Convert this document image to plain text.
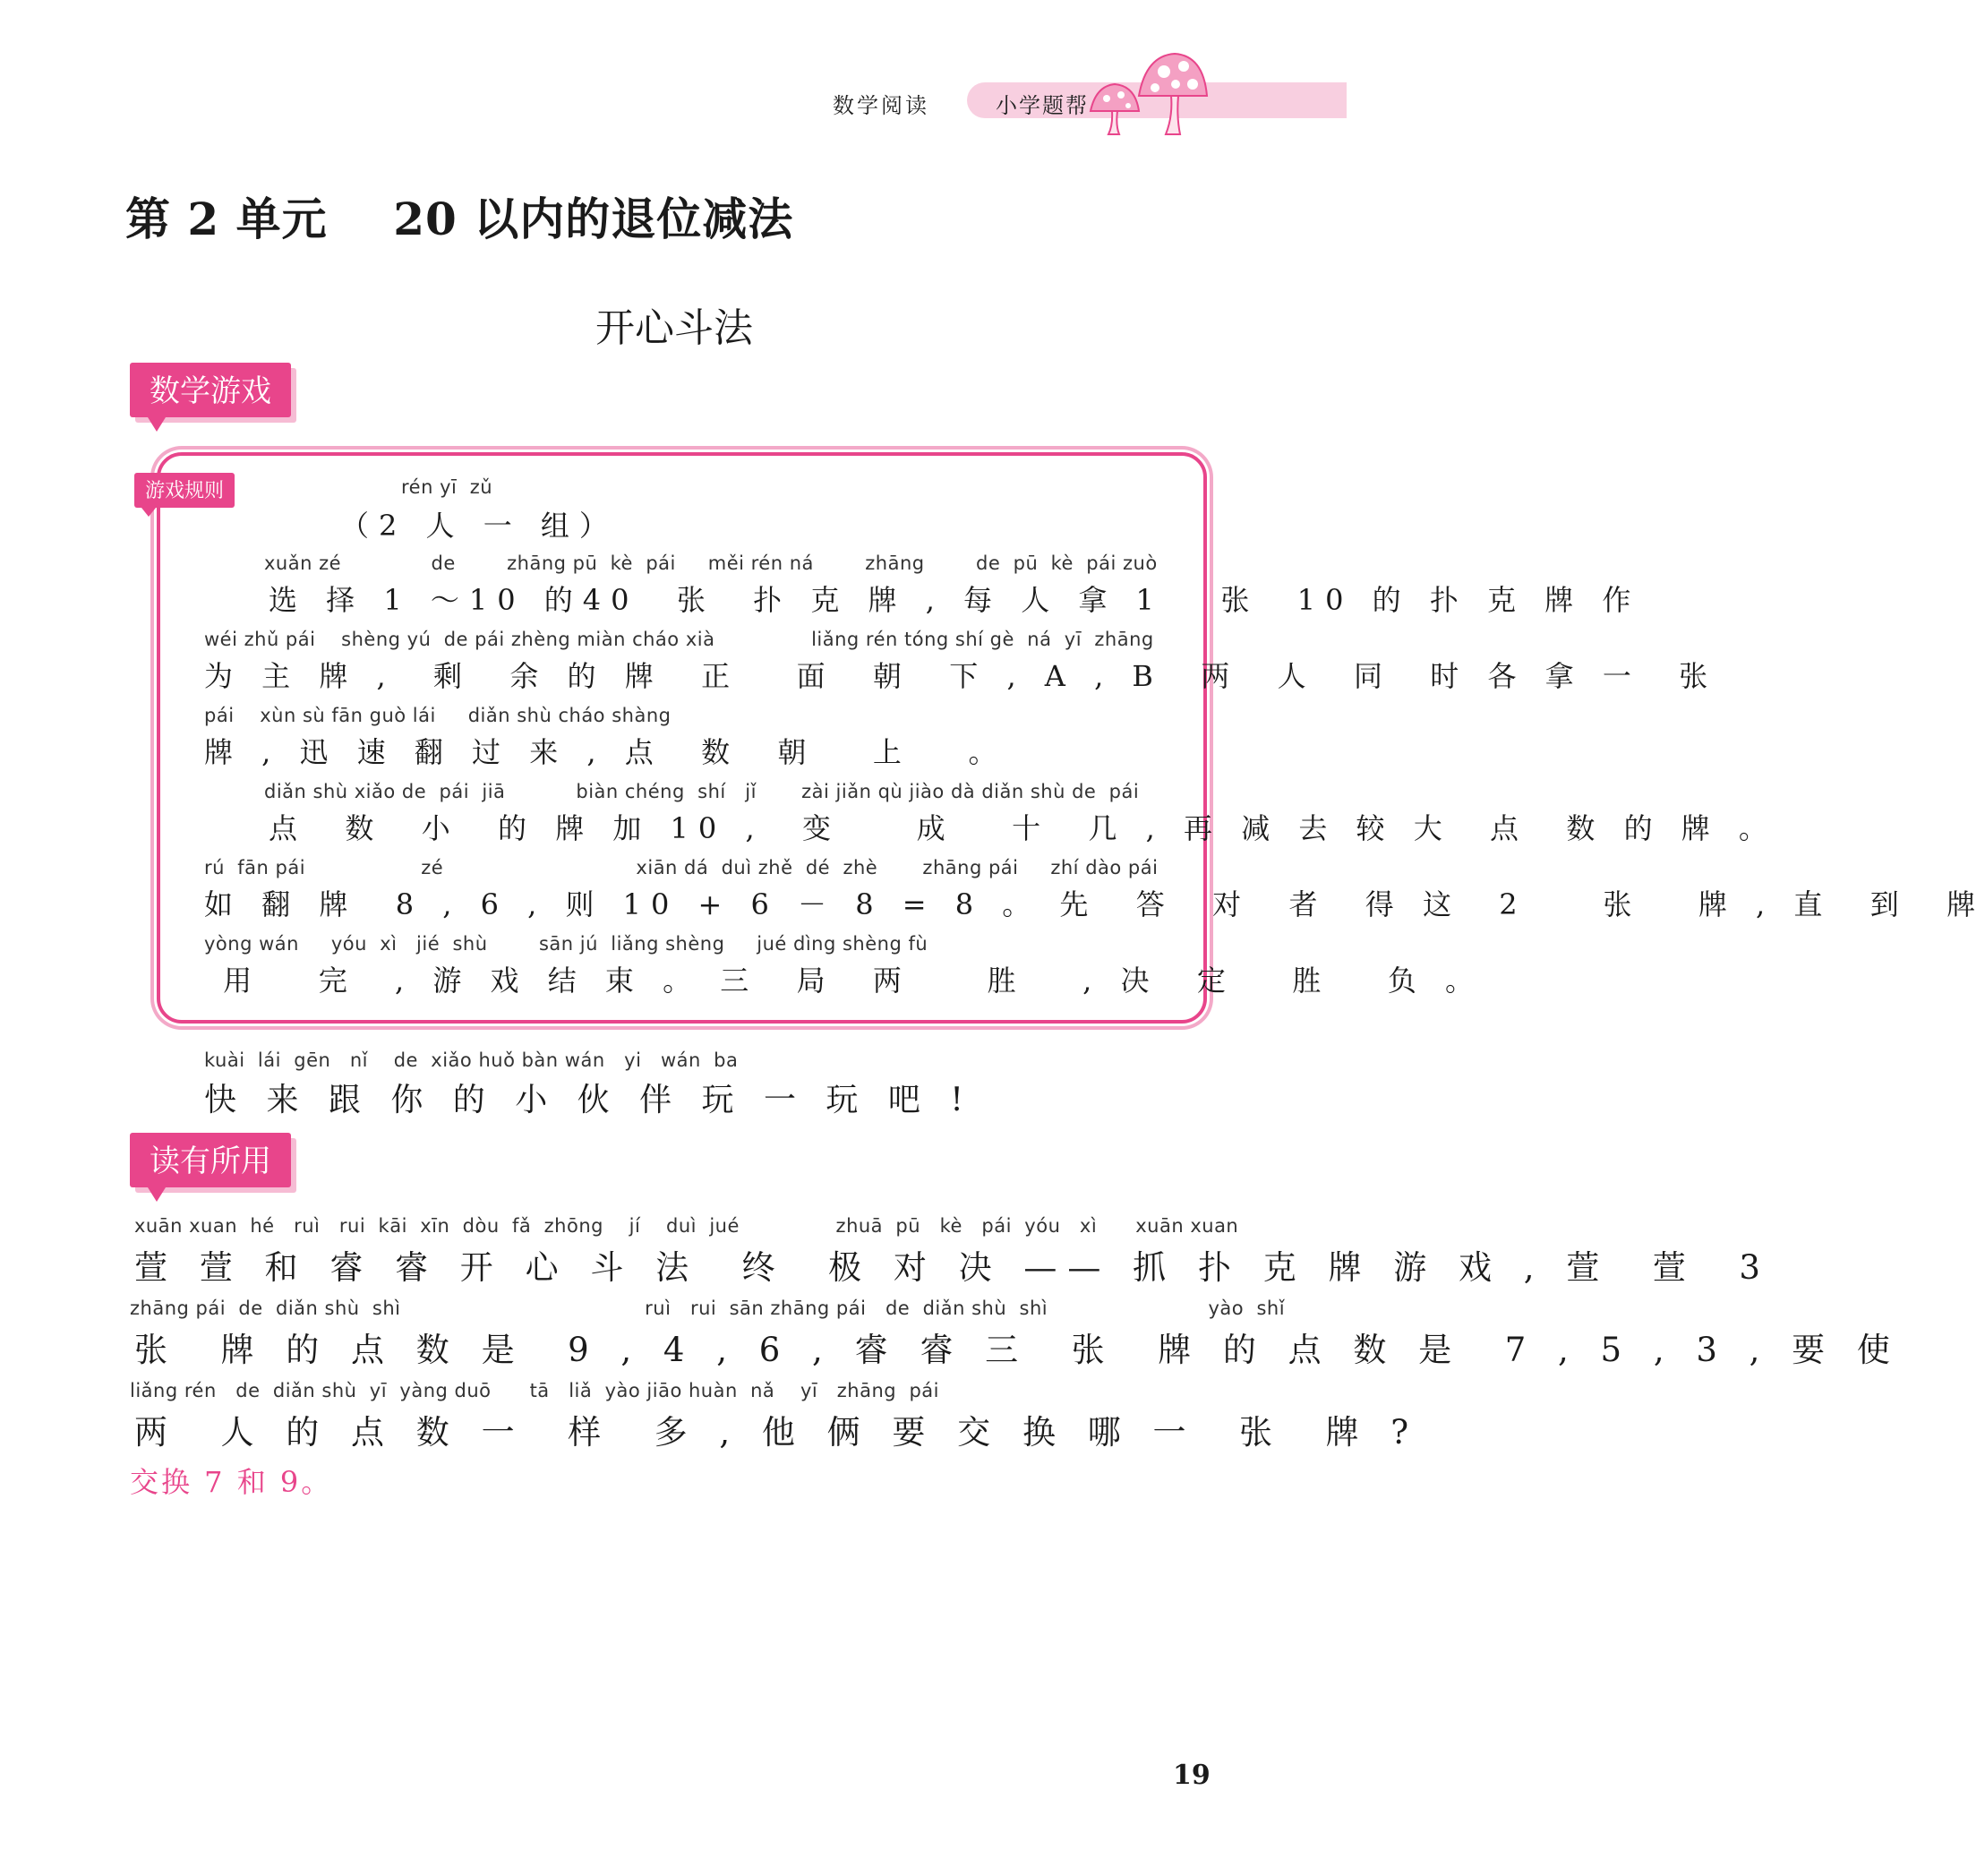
数学阅读	小学题帮
第 2 单元    20 以内的退位减法
开心斗法
数学游戏
游戏规则	rén yī  zǔ
（2 人 一 组）
xuǎn zé              de        zhāng pū  kè  pái     měi rén ná        zhāng        de  pū  kè  pái zuò
选 择 1 ～10 的40  张  扑 克 牌 , 每 人 拿 1   张  10 的 扑 克 牌 作
wéi zhǔ pái    shèng yú  de pái zhèng miàn cháo xià               liǎng rén tóng shí gè  ná  yī  zhāng
为 主 牌 ,  剩  余 的 牌  正   面  朝  下 , A , B  两  人  同  时 各 拿 一  张
pái    xùn sù fān guò lái     diǎn shù cháo shàng
牌 , 迅 速 翻 过 来 , 点  数  朝   上   。
diǎn shù xiǎo de  pái  jiā           biàn chéng  shí   jǐ       zài jiǎn qù jiào dà diǎn shù de  pái
点  数  小  的 牌 加 10 ,  变    成   十  几 , 再 减 去 较 大  点  数 的 牌 。
rú  fān pái                  zé                              xiān dá  duì zhě  dé  zhè       zhāng pái     zhí dào pái
如 翻 牌  8 , 6 , 则 10 + 6 － 8 = 8 。 先  答  对  者  得 这  2    张   牌 , 直  到  牌
yòng wán     yóu  xì   jié  shù        sān jú  liǎng shèng     jué dìng shèng fù
用   完  , 游 戏 结 束 。 三  局  两    胜   , 决  定   胜   负 。
kuài  lái  gēn   nǐ    de  xiǎo huǒ bàn wán   yi   wán  ba
快 来 跟 你 的 小 伙 伴 玩 一 玩 吧 !
读有所用
xuān xuan  hé   ruì   rui  kāi  xīn  dòu  fǎ  zhōng    jí    duì  jué               zhuā  pū   kè   pái  yóu   xì      xuān xuan
萱 萱 和 睿 睿 开 心 斗 法  终  极 对 决 —— 抓 扑 克 牌 游 戏 , 萱  萱  3
zhāng pái  de  diǎn shù  shì                                      ruì   rui  sān zhāng pái   de  diǎn shù  shì                         yào  shǐ
张  牌 的 点 数 是  9 , 4 , 6 , 睿 睿 三  张  牌 的 点 数 是  7 , 5 , 3 , 要 使
liǎng rén   de  diǎn shù  yī  yàng duō      tā   liǎ  yào jiāo huàn  nǎ    yī   zhāng  pái
两  人 的 点 数 一  样  多 , 他 俩 要 交 换 哪 一  张  牌 ?
交换 7 和 9。
19
